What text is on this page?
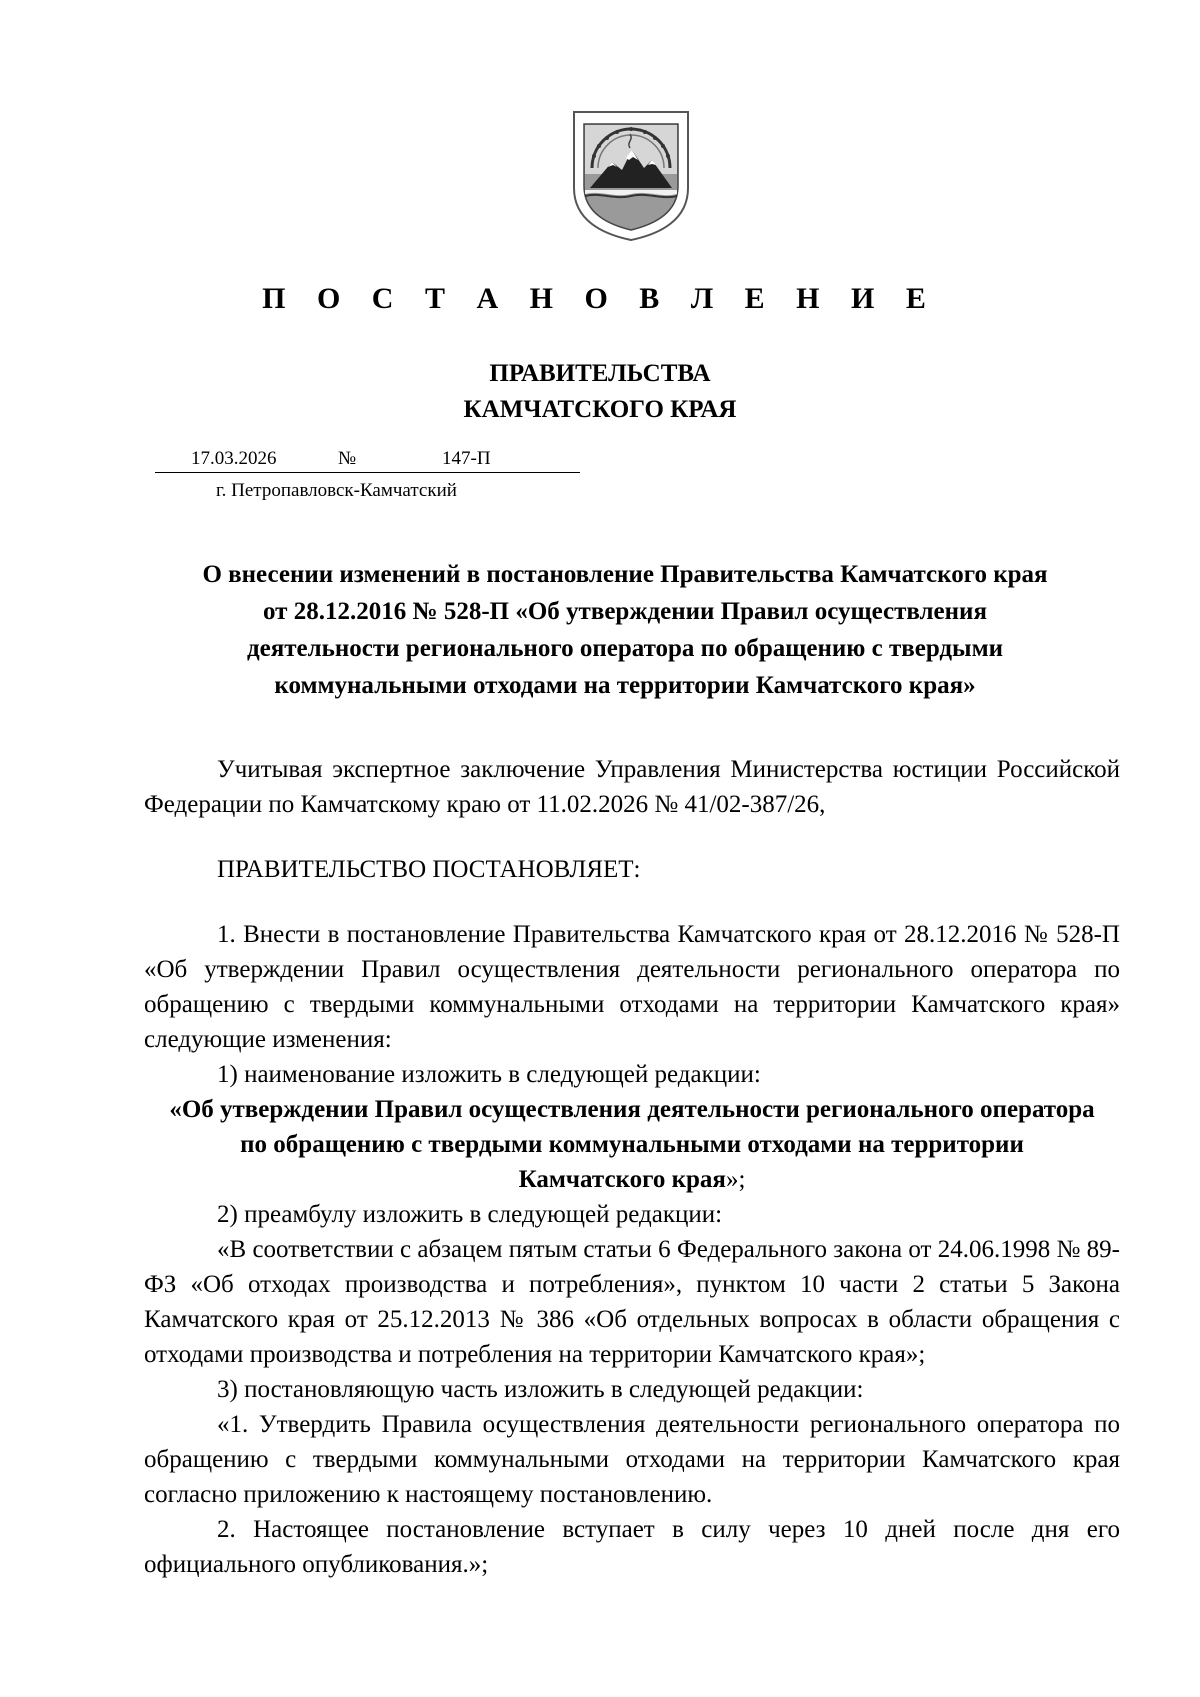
П О С Т А Н О В Л Е Н И Е
ПРАВИТЕЛЬСТВА
КАМЧАТСКОГО КРАЯ
17.03.2026	№	147-П
г. Петропавловск-Камчатский
О внесении изменений в постановление Правительства Камчатского края
от 28.12.2016 № 528-П «Об утверждении Правил осуществления
деятельности регионального оператора по обращению с твердыми
коммунальными отходами на территории Камчатского края»

Учитывая экспертное заключение Управления Министерства юстиции Российской Федерации по Камчатскому краю от 11.02.2026 № 41/02-387/26,

ПРАВИТЕЛЬСТВО ПОСТАНОВЛЯЕТ:

1. Внести в постановление Правительства Камчатского края от 28.12.2016 № 528-П «Об утверждении Правил осуществления деятельности регионального оператора по обращению с твердыми коммунальными отходами на территории Камчатского края» следующие изменения:

1) наименование изложить в следующей редакции:

«Об утверждении Правил осуществления деятельности регионального оператора по обращению с твердыми коммунальными отходами на территории Камчатского края»;

2) преамбулу изложить в следующей редакции:

«В соответствии с абзацем пятым статьи 6 Федерального закона от 24.06.1998 № 89-ФЗ «Об отходах производства и потребления», пунктом 10 части 2 статьи 5 Закона Камчатского края от 25.12.2013 № 386 «Об отдельных вопросах в области обращения с отходами производства и потребления на территории Камчатского края»;

3) постановляющую часть изложить в следующей редакции:

«1. Утвердить Правила осуществления деятельности регионального оператора по обращению с твердыми коммунальными отходами на территории Камчатского края согласно приложению к настоящему постановлению.

2. Настоящее постановление вступает в силу через 10 дней после дня его официального опубликования.»;
